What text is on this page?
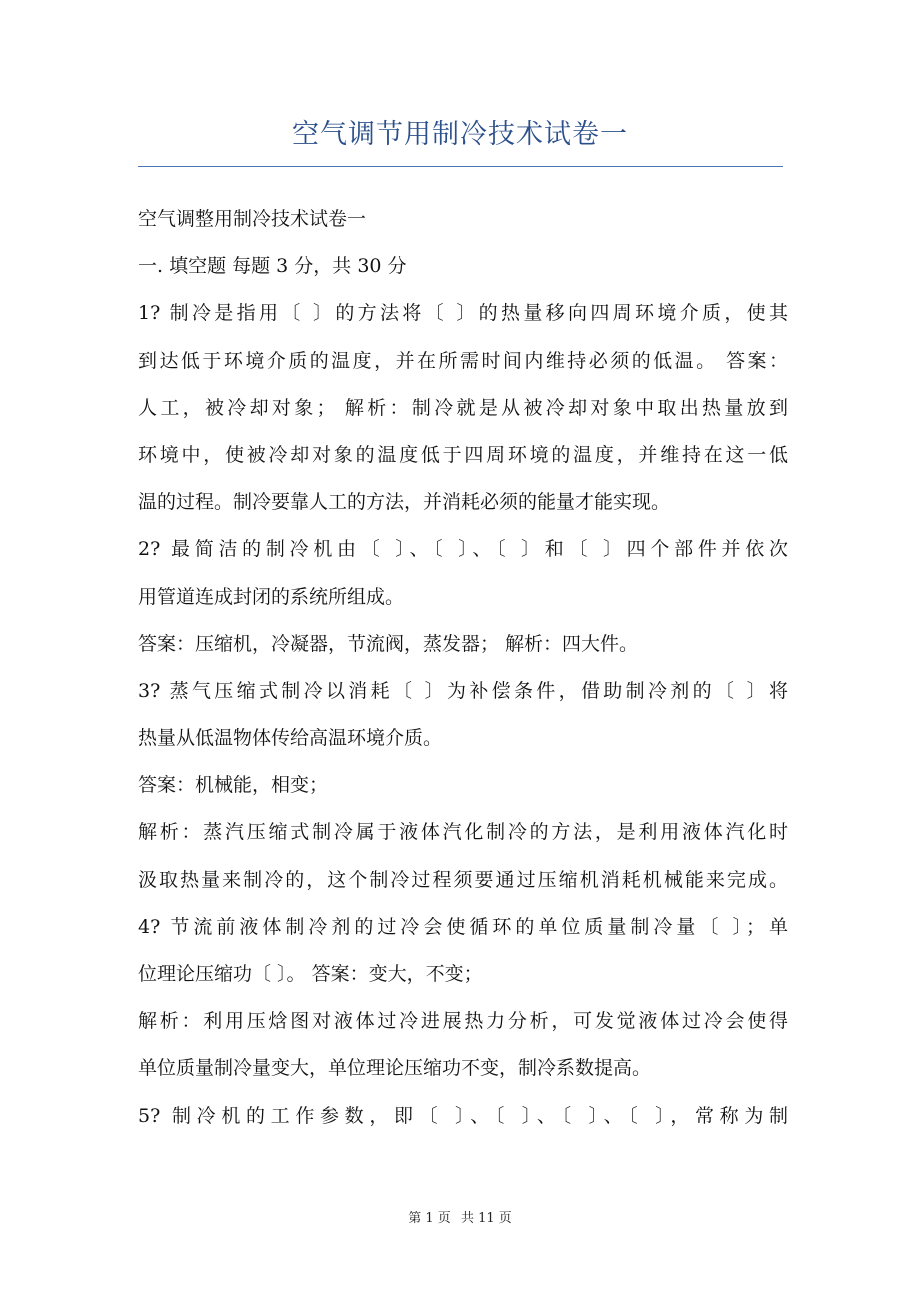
空气调节用制冷技术试卷一
空气调整用制冷技术试卷一
一. 填空题 每题 3 分，共 30 分
1? 制冷是指用〔 〕的方法将〔 〕的热量移向四周环境介质，使其
到达低于环境介质的温度，并在所需时间内维持必须的低温。 答案：
人工，被冷却对象； 解析：制冷就是从被冷却对象中取出热量放到
环境中，使被冷却对象的温度低于四周环境的温度，并维持在这一低
温的过程。制冷要靠人工的方法，并消耗必须的能量才能实现。
2? 最简洁的制冷机由〔 〕、〔 〕、〔 〕和〔 〕四个部件并依次
用管道连成封闭的系统所组成。
答案：压缩机，冷凝器，节流阀，蒸发器； 解析：四大件。
3? 蒸气压缩式制冷以消耗〔 〕为补偿条件，借助制冷剂的〔 〕将
热量从低温物体传给高温环境介质。
答案：机械能，相变；
解析：蒸汽压缩式制冷属于液体汽化制冷的方法，是利用液体汽化时
汲取热量来制冷的，这个制冷过程须要通过压缩机消耗机械能来完成。
4? 节流前液体制冷剂的过冷会使循环的单位质量制冷量〔 〕；单
位理论压缩功〔 〕。 答案：变大，不变；
解析：利用压焓图对液体过冷进展热力分析，可发觉液体过冷会使得
单位质量制冷量变大，单位理论压缩功不变，制冷系数提高。
5? 制冷机的工作参数，即〔 〕、〔 〕、〔 〕、〔 〕，常称为制
第 1 页 共 11 页
